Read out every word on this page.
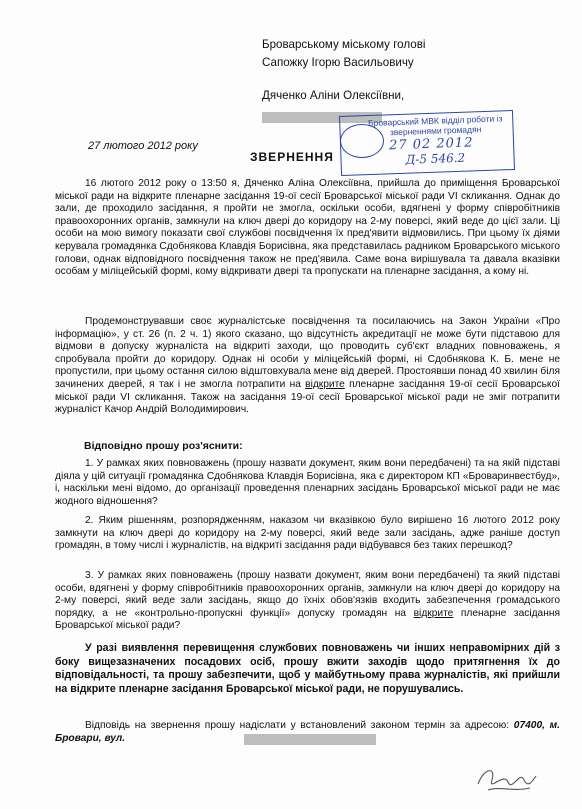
Броварському міському голові
Сапожку Ігорю Васильовичу
Дяченко Аліни Олексіївни,
27 лютого 2012 року
Броварський МВК відділ роботи із зверненнями громадян
27 02 2012
Д-5 546.2
ЗВЕРНЕННЯ
16 лютого 2012 року о 13:50 я, Дяченко Аліна Олексіївна, прийшла до приміщення Броварської міської ради на відкрите пленарне засідання 19-ої сесії Броварської міської ради VI скликання. Однак до зали, де проходило засідання, я пройти не змогла, оскільки особи, вдягнені у форму співробітників правоохоронних органів, замкнули на ключ двері до коридору на 2-му поверсі, який веде до цієї зали. Ці особи на мою вимогу показати свої службові посвідчення їх пред'явити відмовились. При цьому їх діями керувала громадянка Сдобнякова Клавдія Борисівна, яка представилась радником Броварського міського голови, однак відповідного посвідчення також не пред'явила. Саме вона вирішувала та давала вказівки особам у міліцейській формі, кому відкривати двері та пропускати на пленарне засідання, а кому ні.
Продемонструвавши своє журналістське посвідчення та посилаючись на Закон України «Про інформацію», у ст. 26 (п. 2 ч. 1) якого сказано, що відсутність акредитації не може бути підставою для відмови в допуску журналіста на відкриті заходи, що проводить суб'єкт владних повноважень, я спробувала пройти до коридору. Однак ні особи у міліцейській формі, ні Сдобнякова К. Б. мене не пропустили, при цьому остання силою відштовхувала мене від дверей. Простоявши понад 40 хвилин біля зачинених дверей, я так і не змогла потрапити на відкрите пленарне засідання 19-ої сесії Броварської міської ради VI скликання. Також на засідання 19-ої сесії Броварської міської ради не зміг потрапити журналіст Качор Андрій Володимирович.
Відповідно прошу роз'яснити:
1. У рамках яких повноважень (прошу назвати документ, яким вони передбачені) та на якій підставі діяла у цій ситуації громадянка Сдобнякова Клавдія Борисівна, яка є директором КП «Броваринвестбуд», і, наскільки мені відомо, до організації проведення пленарних засідань Броварської міської ради не має жодного відношення?
2. Яким рішенням, розпорядженням, наказом чи вказівкою було вирішено 16 лютого 2012 року замкнути на ключ двері до коридору на 2-му поверсі, який веде зали засідань, адже раніше доступ громадян, в тому числі і журналістів, на відкриті засідання ради відбувався без таких перешкод?
3. У рамках яких повноважень (прошу назвати документ, яким вони передбачені) та який підставі особи, вдягнені у форму співробітників правоохоронних органів, замкнули на ключ двері до коридору на 2-му поверсі, який веде зали засідань, якщо до їхніх обов'язків входить забезпечення громадського порядку, а не «контрольно-пропускні функції» допуску громадян на відкрите пленарне засідання Броварської міської ради?
У разі виявлення перевищення службових повноважень чи інших неправомірних дій з боку вищезазначених посадових осіб, прошу вжити заходів щодо притягнення їх до відповідальності, та прошу забезпечити, щоб у майбутньому права журналістів, які прийшли на відкрите пленарне засідання Броварської міської ради, не порушувались.
Відповідь на звернення прошу надіслати у встановлений законом термін за адресою: 07400, м. Бровари, вул.
